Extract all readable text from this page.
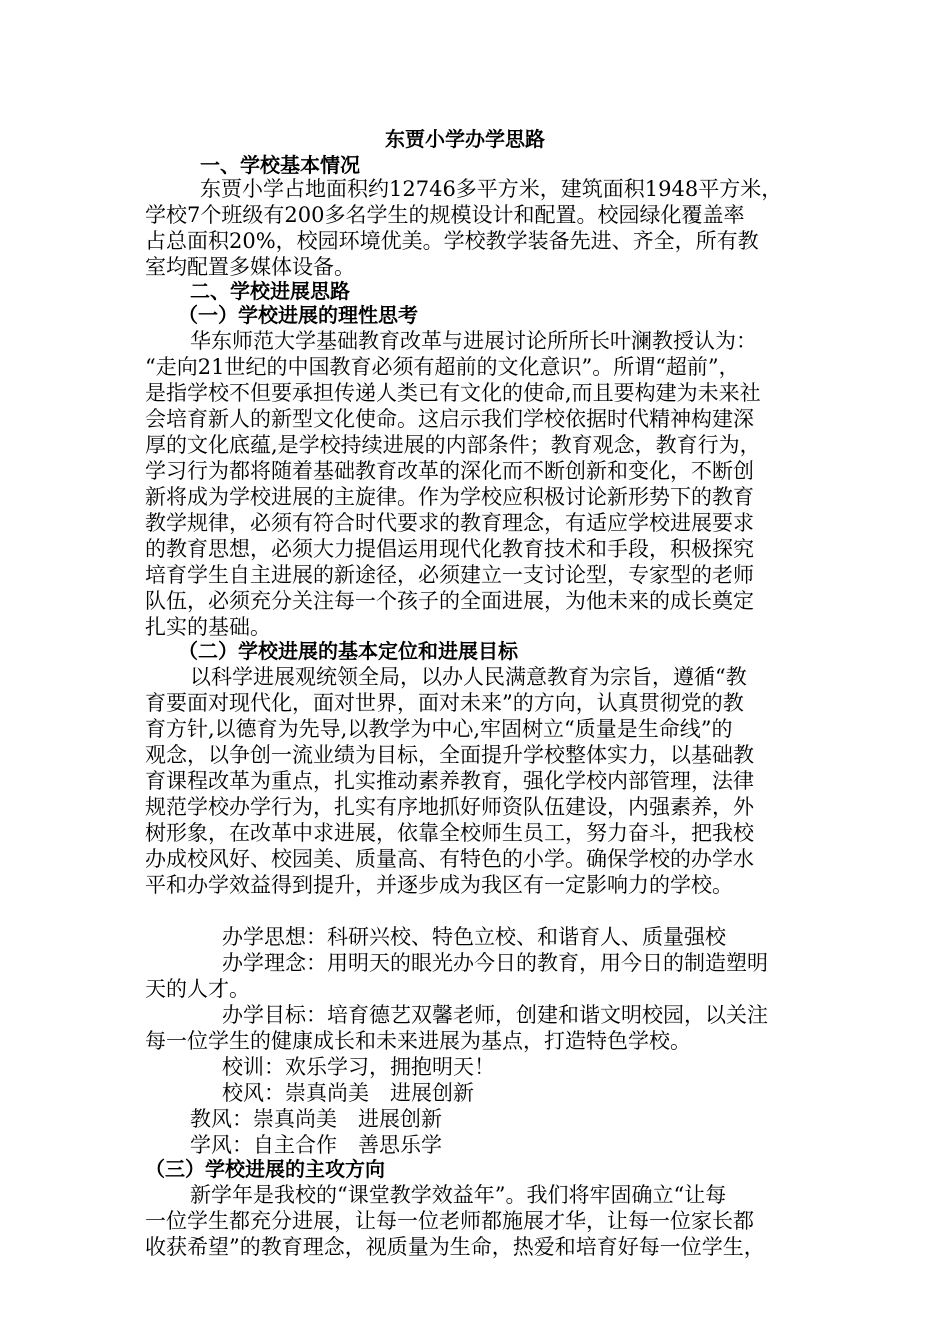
东贾小学办学思路
一、学校基本情况
东贾小学占地面积约12746多平方米，建筑面积1948平方米，
学校7个班级有200多名学生的规模设计和配置。校园绿化覆盖率
占总面积20%，校园环境优美。学校教学装备先进、齐全，所有教
室均配置多媒体设备。
二、学校进展思路
（一）学校进展的理性思考
华东师范大学基础教育改革与进展讨论所所长叶澜教授认为：
“走向21世纪的中国教育必须有超前的文化意识”。所谓“超前”，
是指学校不但要承担传递人类已有文化的使命,而且要构建为未来社
会培育新人的新型文化使命。这启示我们学校依据时代精神构建深
厚的文化底蕴,是学校持续进展的内部条件；教育观念，教育行为，
学习行为都将随着基础教育改革的深化而不断创新和变化，不断创
新将成为学校进展的主旋律。作为学校应积极讨论新形势下的教育
教学规律，必须有符合时代要求的教育理念，有适应学校进展要求
的教育思想，必须大力提倡运用现代化教育技术和手段，积极探究
培育学生自主进展的新途径，必须建立一支讨论型，专家型的老师
队伍，必须充分关注每一个孩子的全面进展，为他未来的成长奠定
扎实的基础。
（二）学校进展的基本定位和进展目标
以科学进展观统领全局，以办人民满意教育为宗旨，遵循“教
育要面对现代化，面对世界，面对未来”的方向，认真贯彻党的教
育方针,以德育为先导,以教学为中心,牢固树立“质量是生命线”的
观念，以争创一流业绩为目标，全面提升学校整体实力，以基础教
育课程改革为重点，扎实推动素养教育，强化学校内部管理，法律
规范学校办学行为，扎实有序地抓好师资队伍建设，内强素养，外
树形象，在改革中求进展，依靠全校师生员工，努力奋斗，把我校
办成校风好、校园美、质量高、有特色的小学。确保学校的办学水
平和办学效益得到提升，并逐步成为我区有一定影响力的学校。
办学思想：科研兴校、特色立校、和谐育人、质量强校
办学理念：用明天的眼光办今日的教育，用今日的制造塑明
天的人才。
办学目标：培育德艺双馨老师，创建和谐文明校园，以关注
每一位学生的健康成长和未来进展为基点，打造特色学校。
校训：欢乐学习，拥抱明天！
校风：崇真尚美　进展创新
教风：崇真尚美　进展创新
学风：自主合作　善思乐学
（三）学校进展的主攻方向
新学年是我校的“课堂教学效益年”。我们将牢固确立“让每
一位学生都充分进展，让每一位老师都施展才华，让每一位家长都
收获希望”的教育理念，视质量为生命，热爱和培育好每一位学生，
